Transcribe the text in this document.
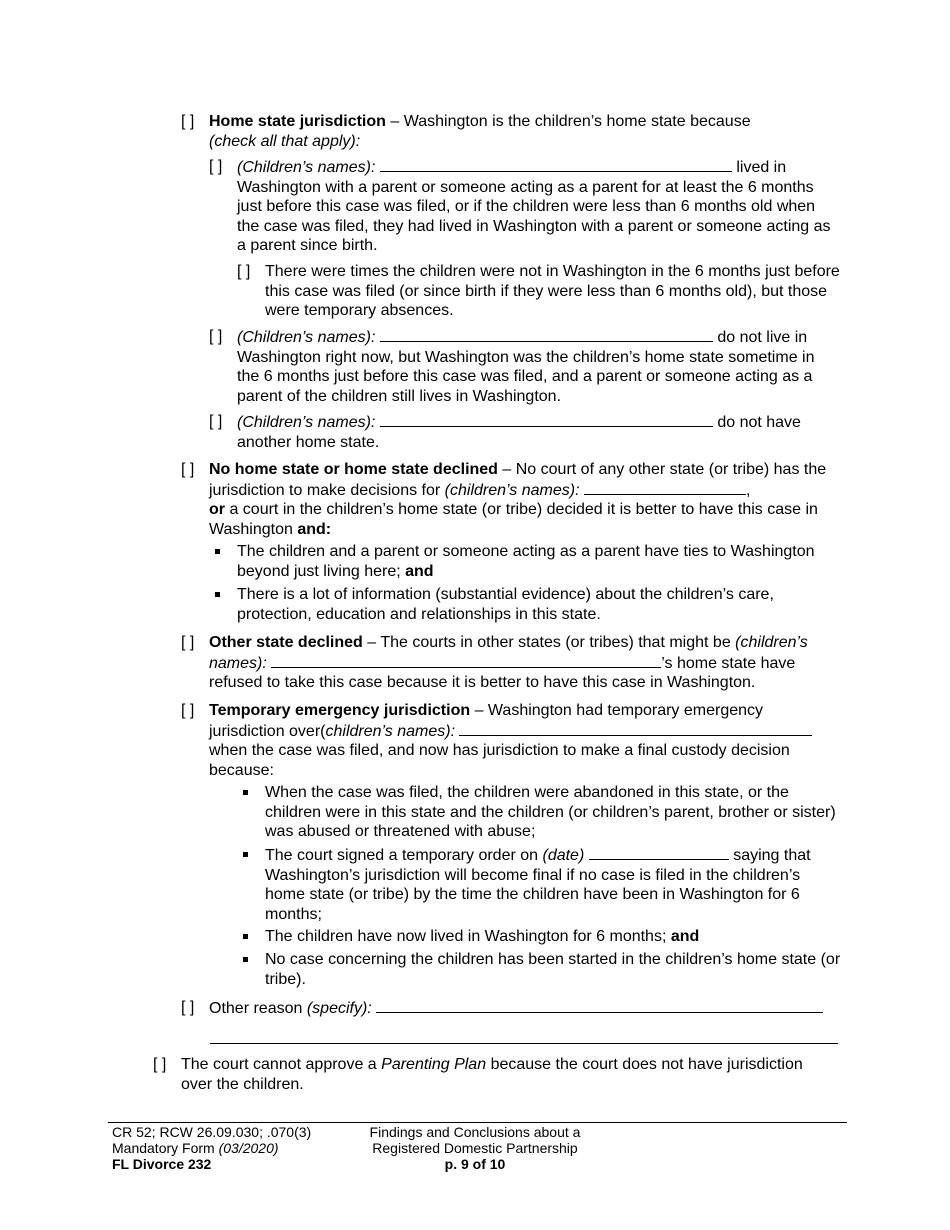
[ ] Home state jurisdiction – Washington is the children’s home state because
(check all that apply):
[ ] (Children’s names):	lived in Washington with a parent or someone acting as a parent for at least the 6 months just before this case was filed, or if the children were less than 6 months old when the case was filed, they had lived in Washington with a parent or someone acting as a parent since birth.
[ ] There were times the children were not in Washington in the 6 months just before this case was filed (or since birth if they were less than 6 months old), but those were temporary absences.
[ ] (Children’s names):	do not live in Washington right now, but Washington was the children’s home state sometime in the 6 months just before this case was filed, and a parent or someone acting as a parent of the children still lives in Washington.
[ ] (Children’s names):	do not have another home state.
[ ] No home state or home state declined – No court of any other state (or tribe) has the jurisdiction to make decisions for (children’s names):	,
or a court in the children’s home state (or tribe) decided it is better to have this case in Washington and:
The children and a parent or someone acting as a parent have ties to Washington beyond just living here; and
There is a lot of information (substantial evidence) about the children’s care, protection, education and relationships in this state.
[ ] Other state declined – The courts in other states (or tribes) that might be (children’s names):	’s home state have refused to take this case because it is better to have this case in Washington.
[ ] Temporary emergency jurisdiction – Washington had temporary emergency jurisdiction over(children’s names):
when the case was filed, and now has jurisdiction to make a final custody decision because:
When the case was filed, the children were abandoned in this state, or the children were in this state and the children (or children’s parent, brother or sister) was abused or threatened with abuse;
The court signed a temporary order on (date)	saying that Washington’s jurisdiction will become final if no case is filed in the children’s home state (or tribe) by the time the children have been in Washington for 6 months;
The children have now lived in Washington for 6 months; and
No case concerning the children has been started in the children’s home state (or tribe).
[ ] Other reason (specify):
[ ] The court cannot approve a Parenting Plan because the court does not have jurisdiction over the children.
CR 52; RCW 26.09.030; .070(3)
Mandatory Form (03/2020)
FL Divorce 232
Findings and Conclusions about a
Registered Domestic Partnership
p. 9 of 10
